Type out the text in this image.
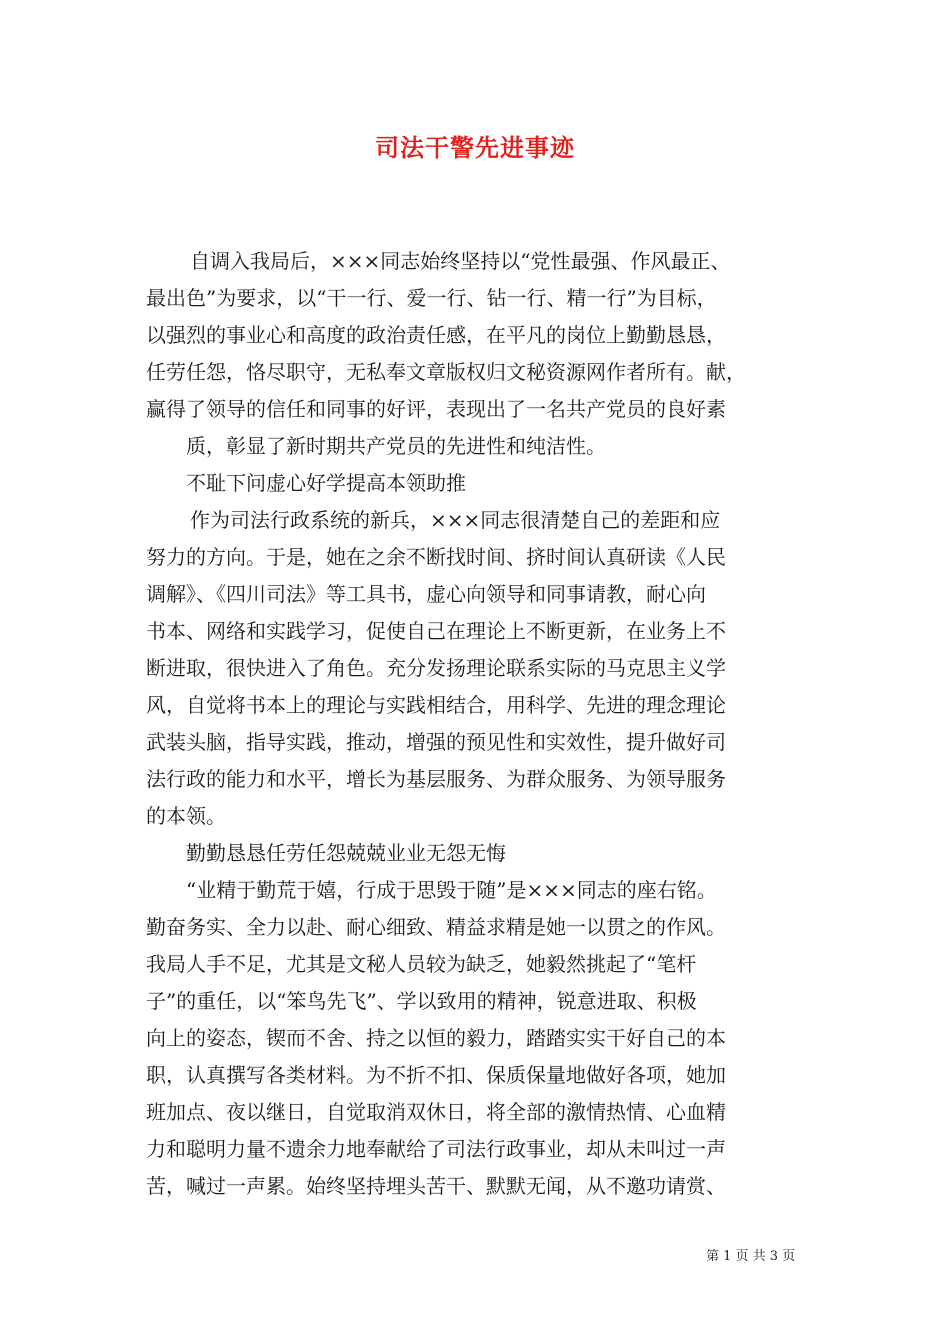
司法干警先进事迹
自调入我局后，×××同志始终坚持以“党性最强、作风最正、
最出色”为要求，以“干一行、爱一行、钻一行、精一行”为目标，
以强烈的事业心和高度的政治责任感，在平凡的岗位上勤勤恳恳，
任劳任怨，恪尽职守，无私奉文章版权归文秘资源网作者所有。献，
赢得了领导的信任和同事的好评，表现出了一名共产党员的良好素
质，彰显了新时期共产党员的先进性和纯洁性。
不耻下问虚心好学提高本领助推
作为司法行政系统的新兵，×××同志很清楚自己的差距和应
努力的方向。于是，她在之余不断找时间、挤时间认真研读《人民
调解》、《四川司法》等工具书，虚心向领导和同事请教，耐心向
书本、网络和实践学习，促使自己在理论上不断更新，在业务上不
断进取，很快进入了角色。充分发扬理论联系实际的马克思主义学
风，自觉将书本上的理论与实践相结合，用科学、先进的理念理论
武装头脑，指导实践，推动，增强的预见性和实效性，提升做好司
法行政的能力和水平，增长为基层服务、为群众服务、为领导服务
的本领。
勤勤恳恳任劳任怨兢兢业业无怨无悔
“业精于勤荒于嬉，行成于思毁于随”是×××同志的座右铭。
勤奋务实、全力以赴、耐心细致、精益求精是她一以贯之的作风。
我局人手不足，尤其是文秘人员较为缺乏，她毅然挑起了“笔杆
子”的重任，以“笨鸟先飞”、学以致用的精神，锐意进取、积极
向上的姿态，锲而不舍、持之以恒的毅力，踏踏实实干好自己的本
职，认真撰写各类材料。为不折不扣、保质保量地做好各项，她加
班加点、夜以继日，自觉取消双休日，将全部的激情热情、心血精
力和聪明力量不遗余力地奉献给了司法行政事业，却从未叫过一声
苦，喊过一声累。始终坚持埋头苦干、默默无闻，从不邀功请赏、
第 1 页 共 3 页
